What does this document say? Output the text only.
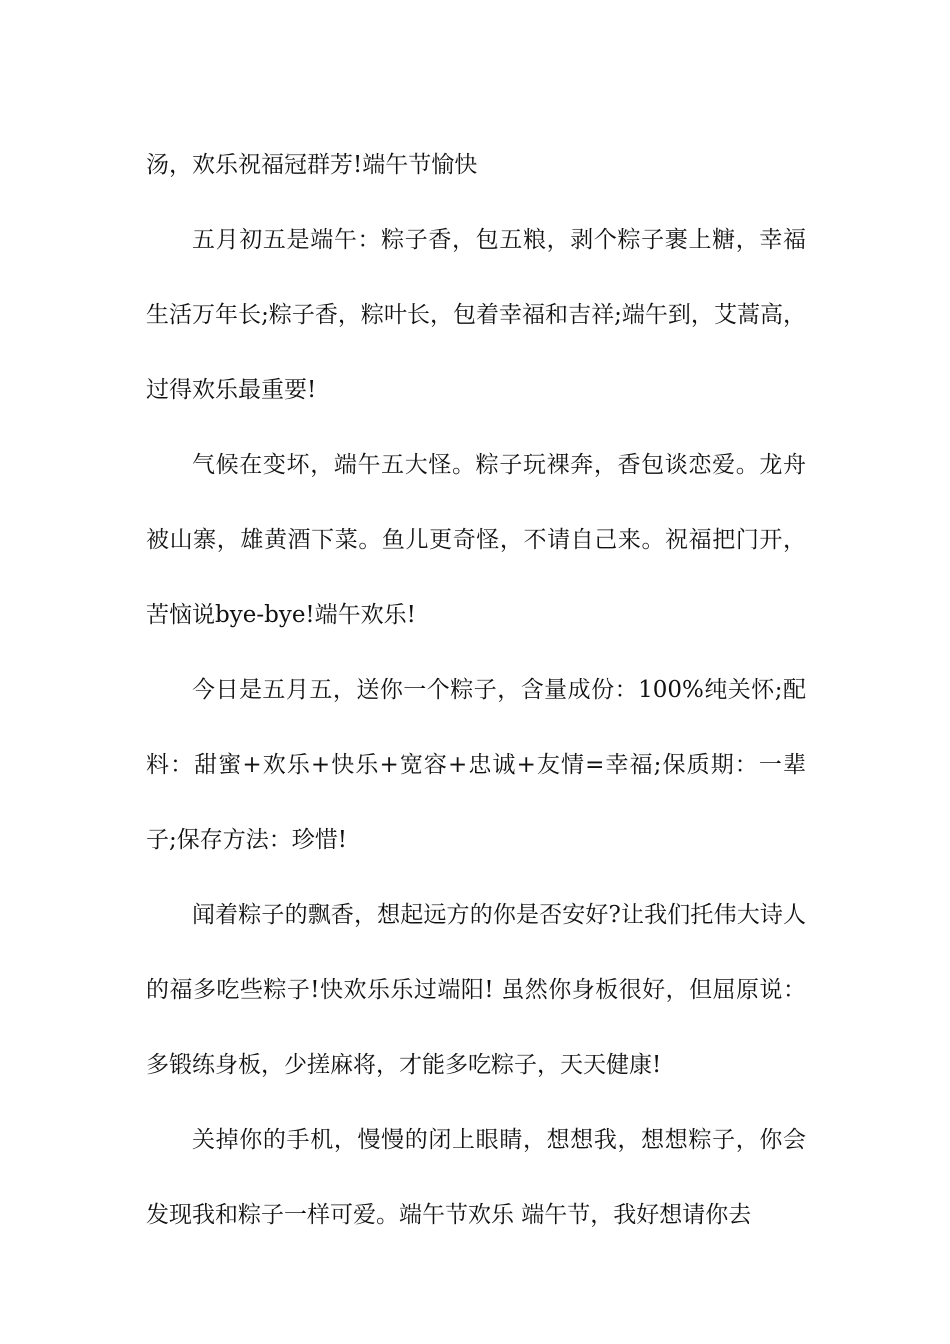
汤，欢乐祝福冠群芳!端午节愉快

五月初五是端午：粽子香，包五粮，剥个粽子裹上糖，幸福生活万年长;粽子香，粽叶长，包着幸福和吉祥;端午到，艾蒿高，过得欢乐最重要!

气候在变坏，端午五大怪。粽子玩裸奔，香包谈恋爱。龙舟被山寨，雄黄酒下菜。鱼儿更奇怪，不请自己来。祝福把门开，苦恼说bye-bye!端午欢乐!

今日是五月五，送你一个粽子，含量成份：100%纯关怀;配料：甜蜜+欢乐+快乐+宽容+忠诚+友情=幸福;保质期：一辈子;保存方法：珍惜!

闻着粽子的飘香，想起远方的你是否安好?让我们托伟大诗人的福多吃些粽子!快欢乐乐过端阳! 虽然你身板很好，但屈原说：多锻练身板，少搓麻将，才能多吃粽子，天天健康!

关掉你的手机，慢慢的闭上眼睛，想想我，想想粽子，你会发现我和粽子一样可爱。端午节欢乐 端午节，我好想请你去
